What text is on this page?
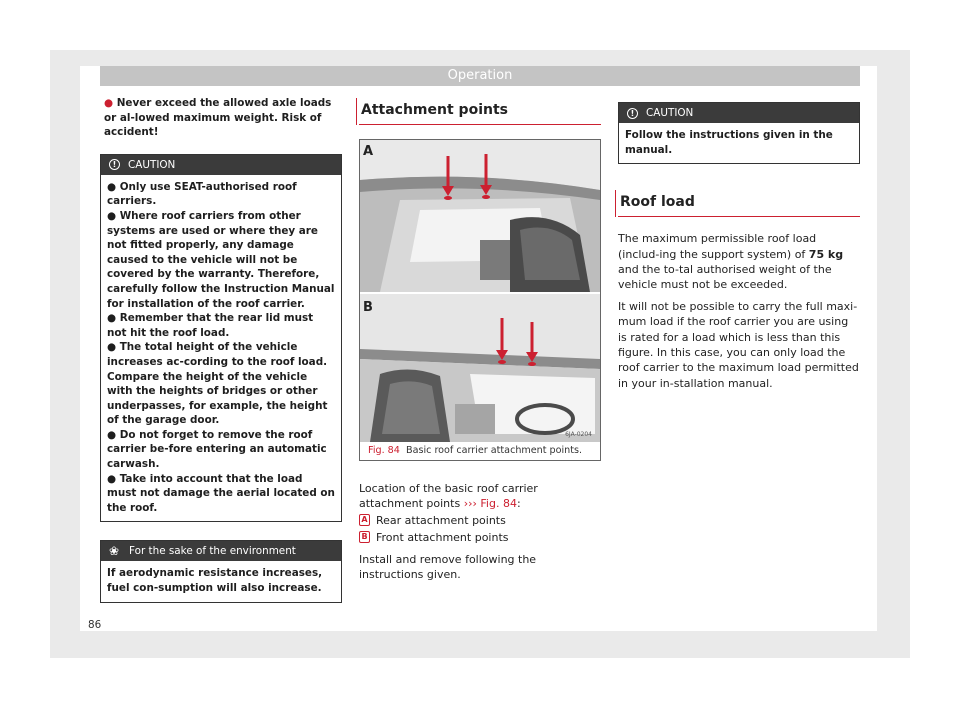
Operation
● Never exceed the allowed axle loads or al-lowed maximum weight. Risk of accident!
!	CAUTION

● Only use SEAT-authorised roof carriers.

● Where roof carriers from other systems are used or where they are not fitted properly, any damage caused to the vehicle will not be covered by the warranty. Therefore, carefully follow the Instruction Manual for installation of the roof carrier.

● Remember that the rear lid must not hit the roof load.

● The total height of the vehicle increases ac-cording to the roof load. Compare the height of the vehicle with the heights of bridges or other underpasses, for example, the height of the garage door.

● Do not forget to remove the roof carrier be-fore entering an automatic carwash.

● Take into account that the load must not damage the aerial located on the roof.

❀ For the sake of the environment
If aerodynamic resistance increases, fuel con-sumption will also increase.
Attachment points
A
B
6JA-0204
Fig. 84 Basic roof carrier attachment points.
Location of the basic roof carrier attachment points ››› Fig. 84:
A Rear attachment points
B Front attachment points
Install and remove following the instructions given.
!	CAUTION
Follow the instructions given in the manual.
Roof load
The maximum permissible roof load (includ-ing the support system) of 75 kg and the to-tal authorised weight of the vehicle must not be exceeded.
It will not be possible to carry the full maxi-mum load if the roof carrier you are using is rated for a load which is less than this figure. In this case, you can only load the roof carrier to the maximum load permitted in your in-stallation manual.
86
